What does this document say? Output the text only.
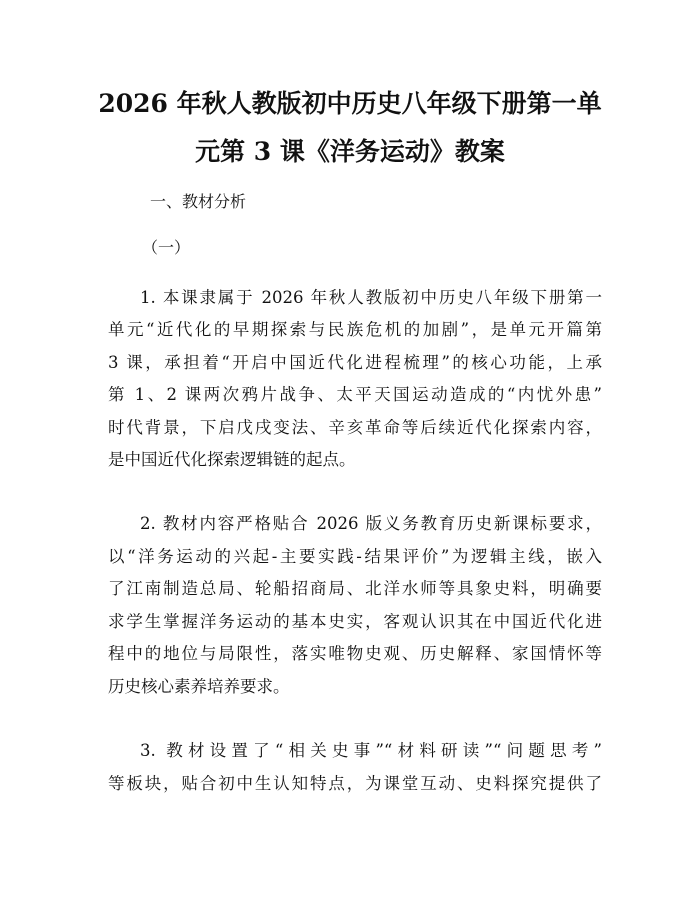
2026 年秋人教版初中历史八年级下册第一单
元第 3 课《洋务运动》教案
一、教材分析
（一）
1. 本课隶属于 2026 年秋人教版初中历史八年级下册第一
单元“近代化的早期探索与民族危机的加剧”，是单元开篇第
3 课，承担着“开启中国近代化进程梳理”的核心功能，上承
第 1、2 课两次鸦片战争、太平天国运动造成的“内忧外患”
时代背景，下启戊戌变法、辛亥革命等后续近代化探索内容，
是中国近代化探索逻辑链的起点。
2. 教材内容严格贴合 2026 版义务教育历史新课标要求，
以“洋务运动的兴起-主要实践-结果评价”为逻辑主线，嵌入
了江南制造总局、轮船招商局、北洋水师等具象史料，明确要
求学生掌握洋务运动的基本史实，客观认识其在中国近代化进
程中的地位与局限性，落实唯物史观、历史解释、家国情怀等
历史核心素养培养要求。
3. 教材设置了“相关史事”“材料研读”“问题思考”
等板块，贴合初中生认知特点，为课堂互动、史料探究提供了
